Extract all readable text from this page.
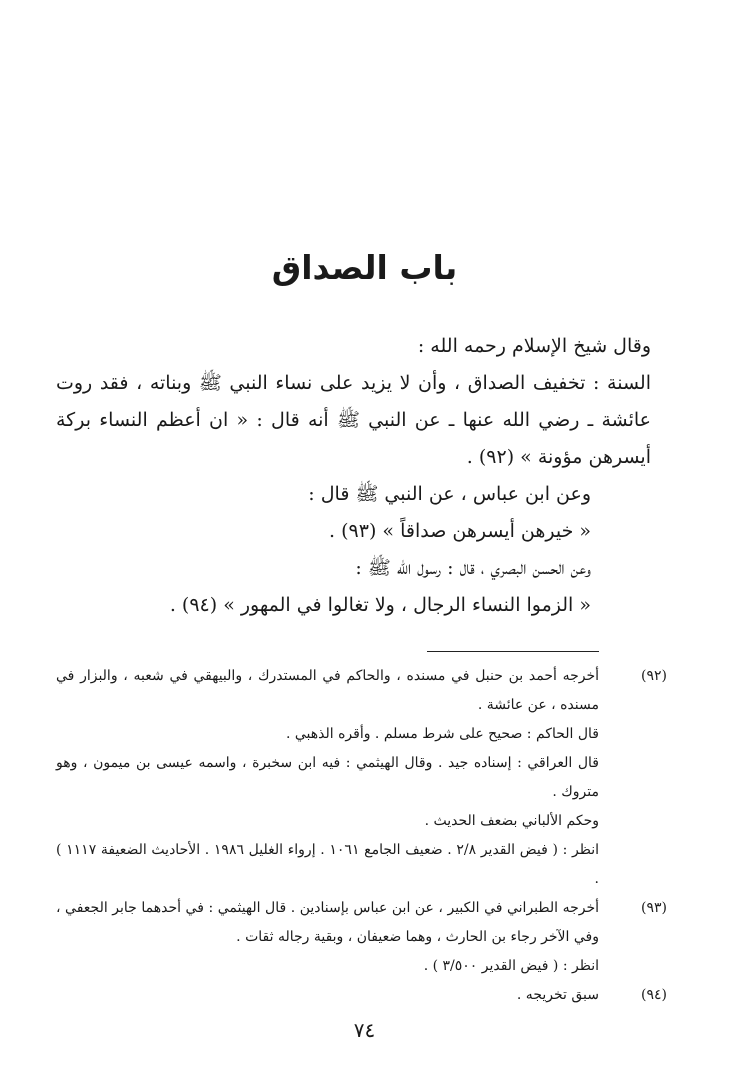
باب الصداق

وقال شيخ الإسلام رحمه الله :

السنة : تخفيف الصداق ، وأن لا يزيد على نساء النبي ﷺ وبناته ، فقد روت عائشة ـ رضي الله عنها ـ عن النبي ﷺ أنه قال : « ان أعظم النساء بركة أيسرهن مؤونة » (٩٢) .

وعن ابن عباس ، عن النبي ﷺ قال :

« خيرهن أيسرهن صداقاً » (٩٣) .

وعن الحسن البصري ، قال : رسول الله ﷺ :

« الزموا النساء الرجال ، ولا تغالوا في المهور » (٩٤) .

(٩٢)

أخرجه أحمد بن حنبل في مسنده ، والحاكم في المستدرك ، والبيهقي في شعبه ، والبزار في مسنده ، عن عائشة .

قال الحاكم : صحيح على شرط مسلم . وأقره الذهبي .

قال العراقي : إسناده جيد . وقال الهيثمي : فيه ابن سخبرة ، واسمه عيسى بن ميمون ، وهو متروك .

وحكم الألباني بضعف الحديث .

انظر : ( فيض القدير ٢/٨ . ضعيف الجامع ١٠٦١ . إرواء الغليل ١٩٨٦ . الأحاديث الضعيفة ١١١٧ ) .

(٩٣)

أخرجه الطبراني في الكبير ، عن ابن عباس بإسنادين . قال الهيثمي : في أحدهما جابر الجعفي ، وفي الآخر رجاء بن الحارث ، وهما ضعيفان ، وبقية رجاله ثقات .

انظر : ( فيض القدير ٣/٥٠٠ ) .

(٩٤)

سبق تخريجه .

٧٤
